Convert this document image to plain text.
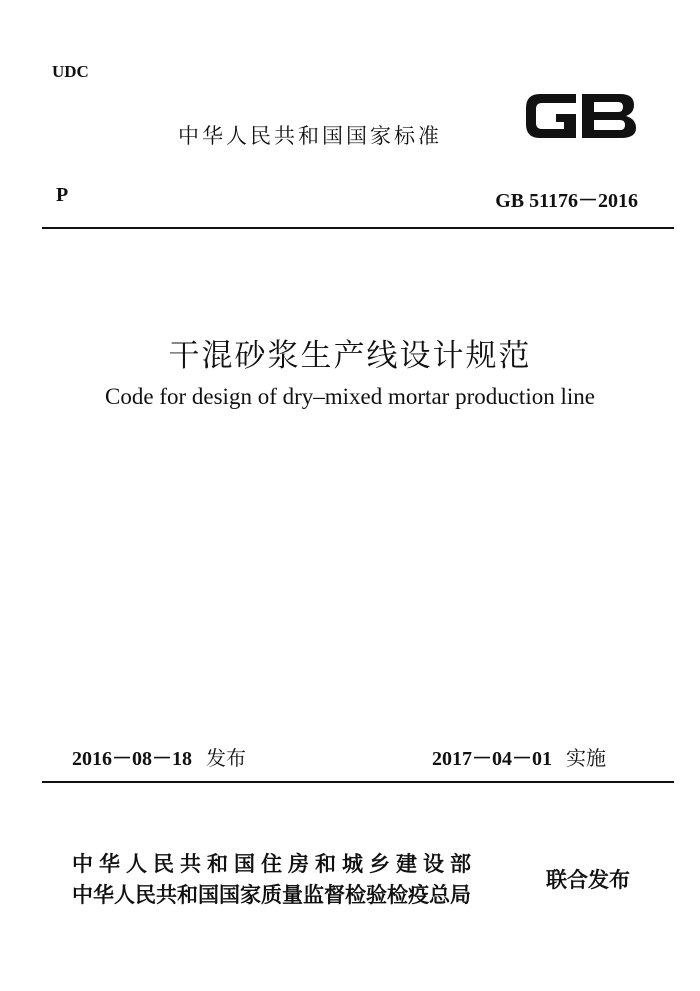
UDC
中华人民共和国国家标准
P	GB 51176－2016
干混砂浆生产线设计规范
Code for design of dry–mixed mortar production line
2016－08－18 发布	2017－04－01 实施
中华人民共和国住房和城乡建设部
中华人民共和国国家质量监督检验检疫总局
联合发布
